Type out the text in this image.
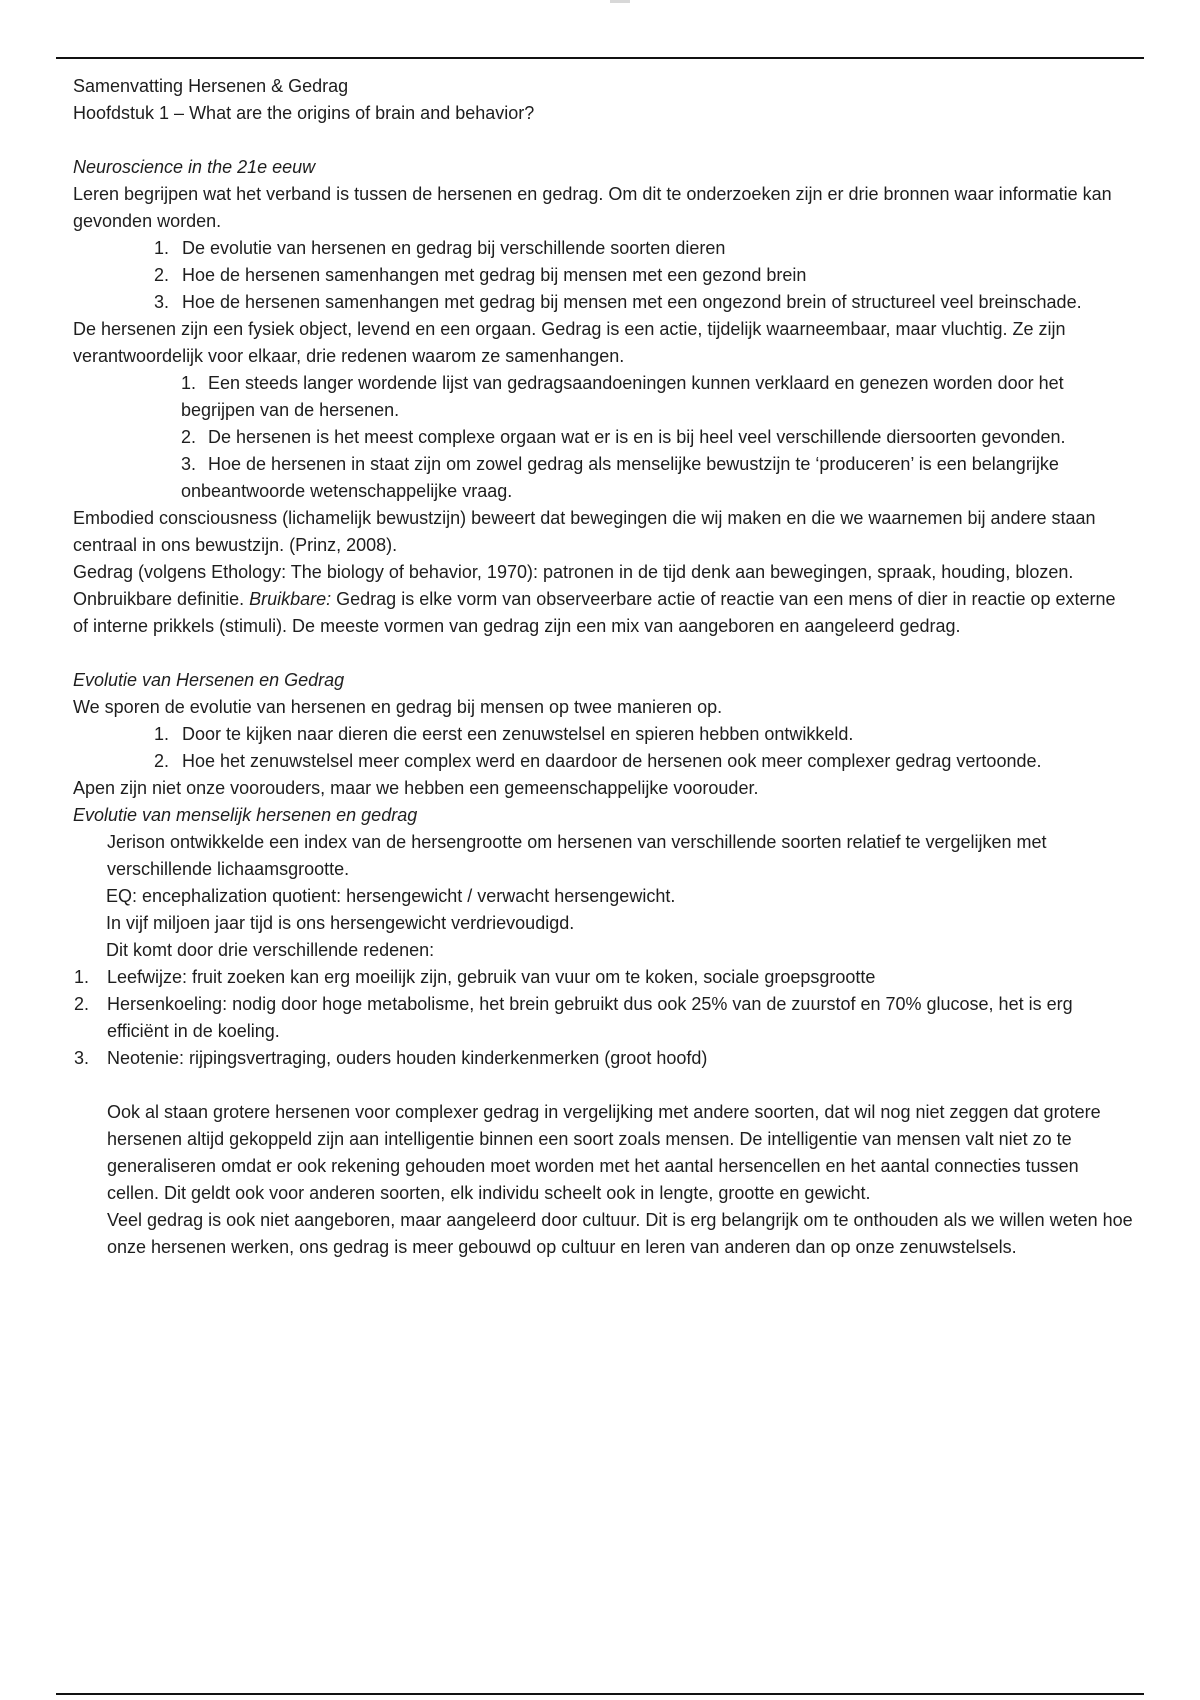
Samenvatting Hersenen & Gedrag

Hoofdstuk 1 – What are the origins of brain and behavior?

Neuroscience in the 21e eeuw

Leren begrijpen wat het verband is tussen de hersenen en gedrag. Om dit te onderzoeken zijn er drie bronnen waar informatie kan gevonden worden.

1. De evolutie van hersenen en gedrag bij verschillende soorten dieren
2. Hoe de hersenen samenhangen met gedrag bij mensen met een gezond brein
3. Hoe de hersenen samenhangen met gedrag bij mensen met een ongezond brein of structureel veel breinschade.

De hersenen zijn een fysiek object, levend en een orgaan. Gedrag is een actie, tijdelijk waarneembaar, maar vluchtig. Ze zijn verantwoordelijk voor elkaar, drie redenen waarom ze samenhangen.

1. Een steeds langer wordende lijst van gedragsaandoeningen kunnen verklaard en genezen worden door het begrijpen van de hersenen.
2. De hersenen is het meest complexe orgaan wat er is en is bij heel veel verschillende diersoorten gevonden.
3. Hoe de hersenen in staat zijn om zowel gedrag als menselijke bewustzijn te ‘produceren’ is een belangrijke onbeantwoorde wetenschappelijke vraag.

Embodied consciousness (lichamelijk bewustzijn) beweert dat bewegingen die wij maken en die we waarnemen bij andere staan centraal in ons bewustzijn. (Prinz, 2008).

Gedrag (volgens Ethology: The biology of behavior, 1970): patronen in de tijd denk aan bewegingen, spraak, houding, blozen. Onbruikbare definitie. Bruikbare: Gedrag is elke vorm van observeerbare actie of reactie van een mens of dier in reactie op externe of interne prikkels (stimuli). De meeste vormen van gedrag zijn een mix van aangeboren en aangeleerd gedrag.

Evolutie van Hersenen en Gedrag

We sporen de evolutie van hersenen en gedrag bij mensen op twee manieren op.

1. Door te kijken naar dieren die eerst een zenuwstelsel en spieren hebben ontwikkeld.
2. Hoe het zenuwstelsel meer complex werd en daardoor de hersenen ook meer complexer gedrag vertoonde.

Apen zijn niet onze voorouders, maar we hebben een gemeenschappelijke voorouder.

Evolutie van menselijk hersenen en gedrag

Jerison ontwikkelde een index van de hersengrootte om hersenen van verschillende soorten relatief te vergelijken met verschillende lichaamsgrootte.

EQ: encephalization quotient: hersengewicht / verwacht hersengewicht.

In vijf miljoen jaar tijd is ons hersengewicht verdrievoudigd.

Dit komt door drie verschillende redenen:

1. Leefwijze: fruit zoeken kan erg moeilijk zijn, gebruik van vuur om te koken, sociale groepsgrootte
2. Hersenkoeling: nodig door hoge metabolisme, het brein gebruikt dus ook 25% van de zuurstof en 70% glucose, het is erg efficiënt in de koeling.
3. Neotenie: rijpingsvertraging, ouders houden kinderkenmerken (groot hoofd)

Ook al staan grotere hersenen voor complexer gedrag in vergelijking met andere soorten, dat wil nog niet zeggen dat grotere hersenen altijd gekoppeld zijn aan intelligentie binnen een soort zoals mensen. De intelligentie van mensen valt niet zo te generaliseren omdat er ook rekening gehouden moet worden met het aantal hersencellen en het aantal connecties tussen cellen. Dit geldt ook voor anderen soorten, elk individu scheelt ook in lengte, grootte en gewicht.

Veel gedrag is ook niet aangeboren, maar aangeleerd door cultuur. Dit is erg belangrijk om te onthouden als we willen weten hoe onze hersenen werken, ons gedrag is meer gebouwd op cultuur en leren van anderen dan op onze zenuwstelsels.
